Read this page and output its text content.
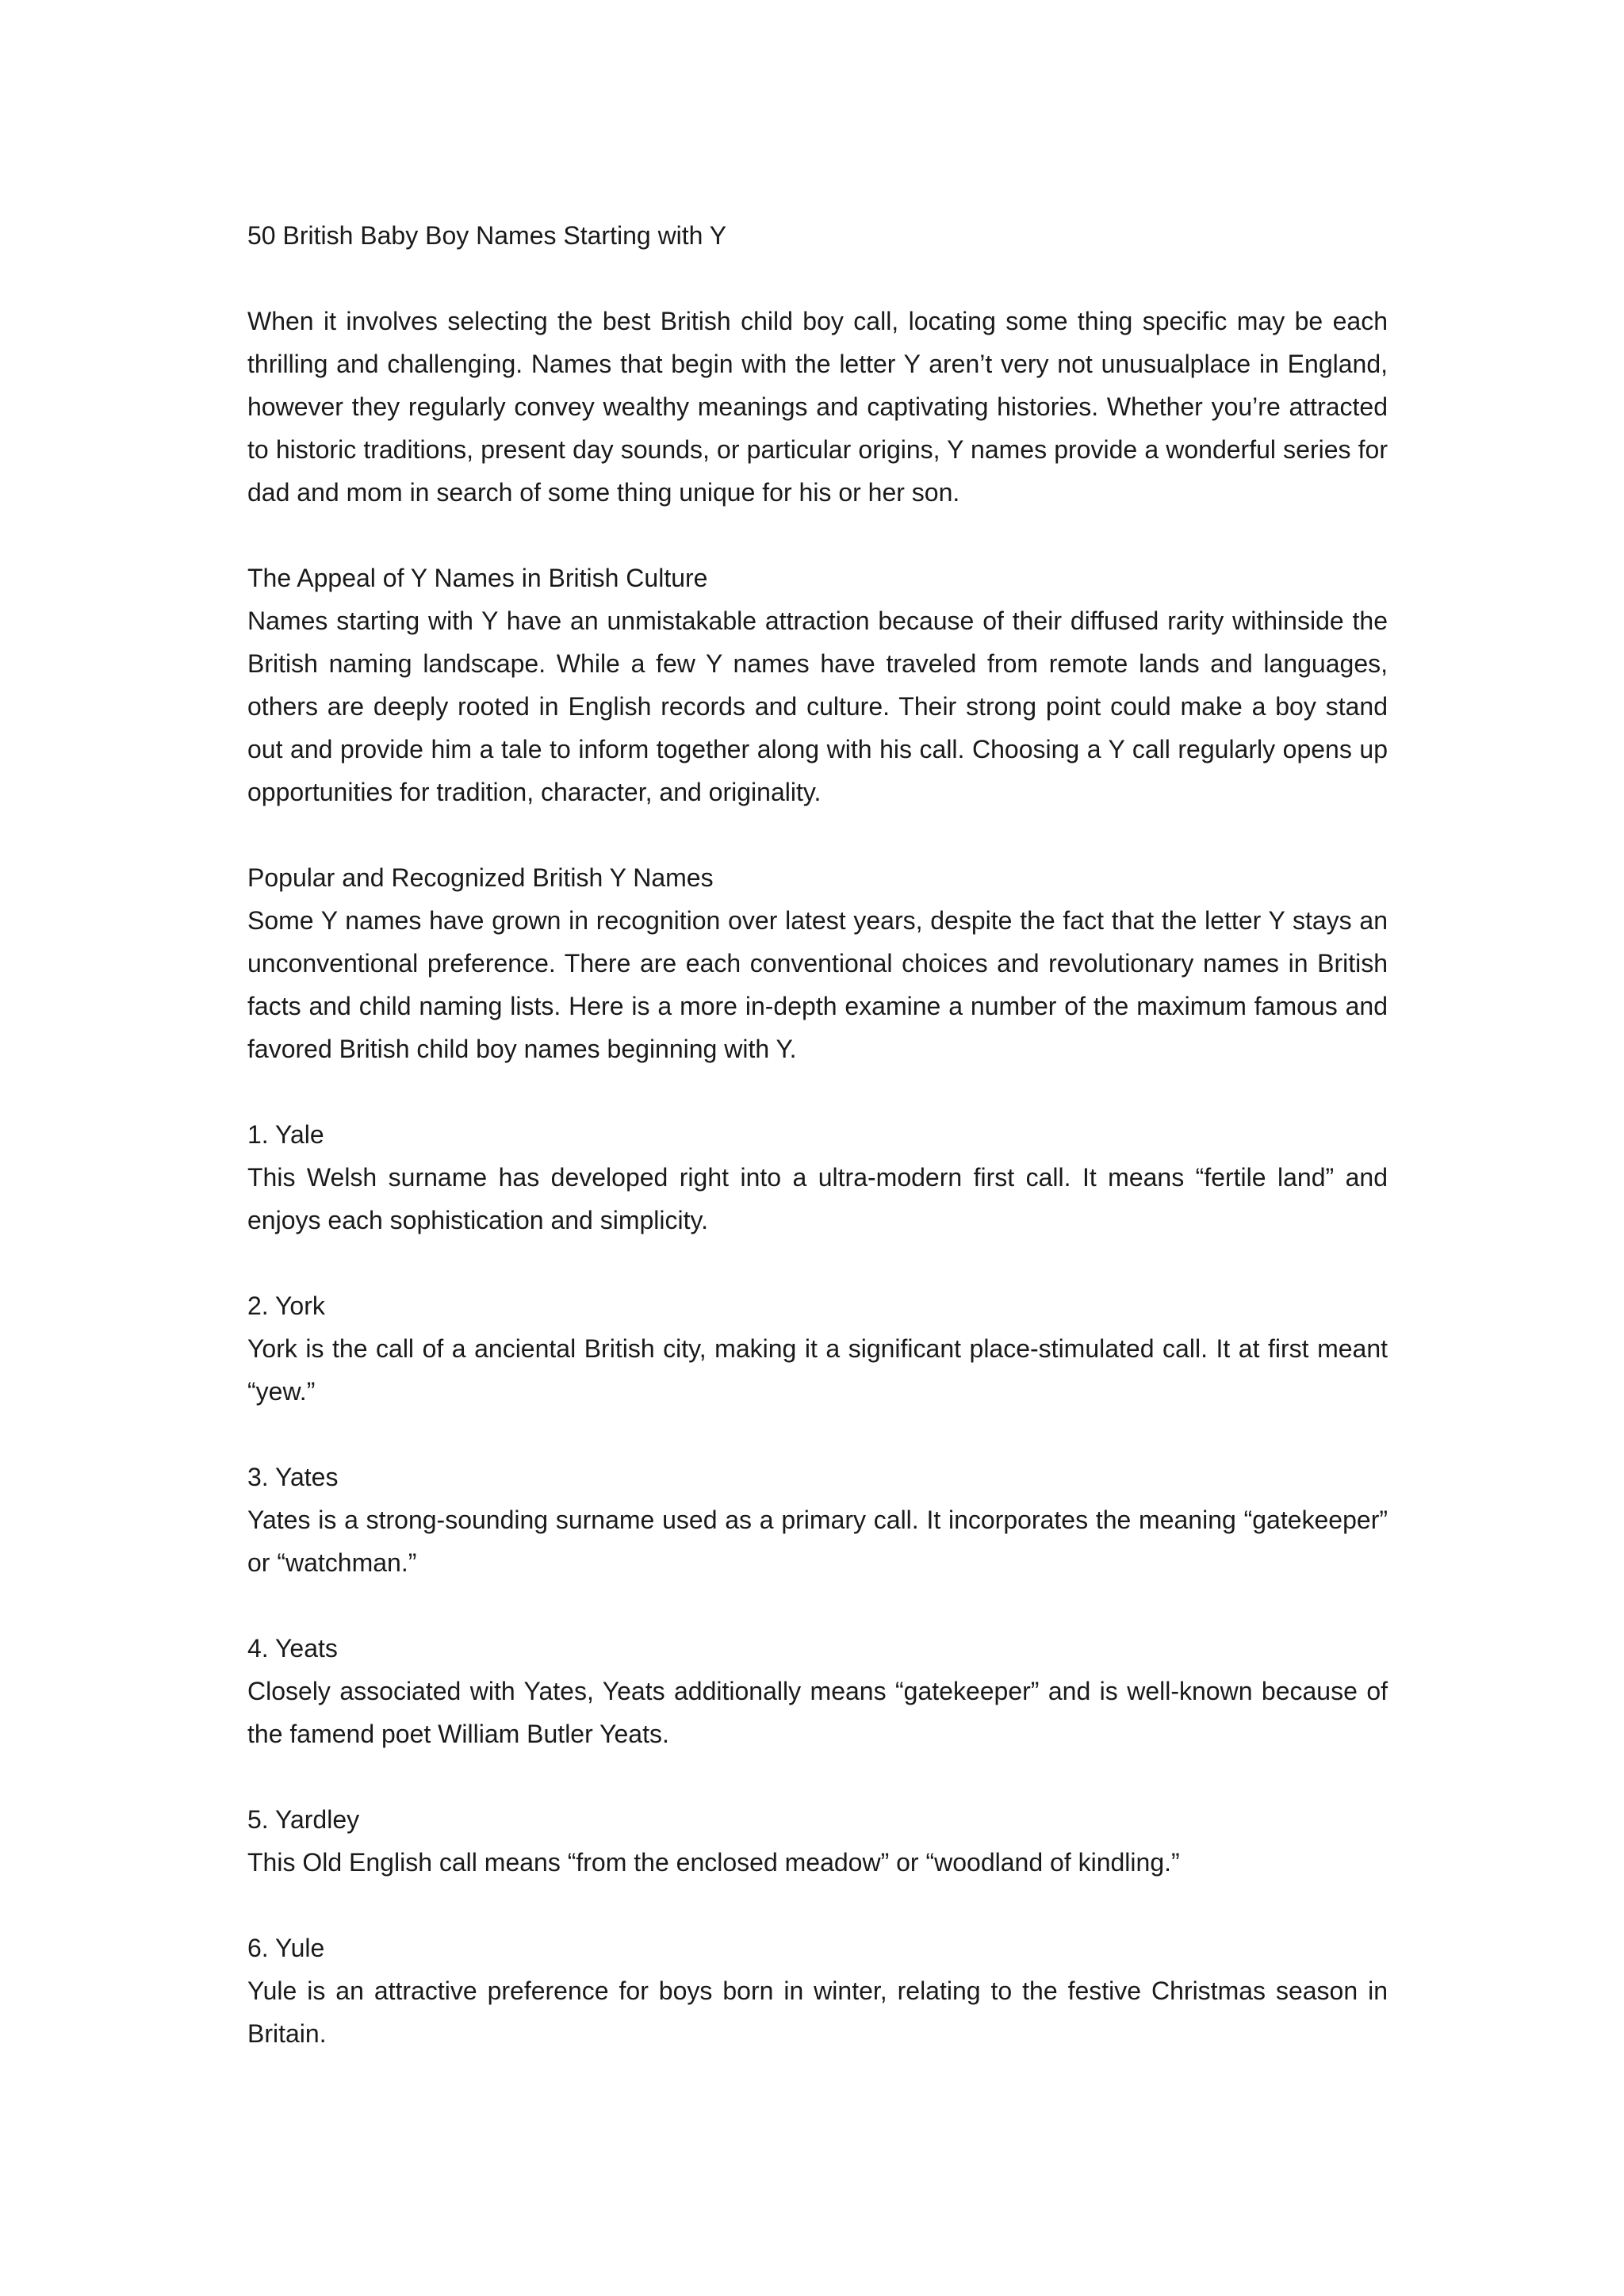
50 British Baby Boy Names Starting with Y

When it involves selecting the best British child boy call, locating some thing specific may be each thrilling and challenging. Names that begin with the letter Y aren’t very not unusualplace in England, however they regularly convey wealthy meanings and captivating histories. Whether you’re attracted to historic traditions, present day sounds, or particular origins, Y names provide a wonderful series for dad and mom in search of some thing unique for his or her son.

The Appeal of Y Names in British Culture

Names starting with Y have an unmistakable attraction because of their diffused rarity withinside the British naming landscape. While a few Y names have traveled from remote lands and languages, others are deeply rooted in English records and culture. Their strong point could make a boy stand out and provide him a tale to inform together along with his call. Choosing a Y call regularly opens up opportunities for tradition, character, and originality.

Popular and Recognized British Y Names

Some Y names have grown in recognition over latest years, despite the fact that the letter Y stays an unconventional preference. There are each conventional choices and revolutionary names in British facts and child naming lists. Here is a more in-depth examine a number of the maximum famous and favored British child boy names beginning with Y.

1. Yale

This Welsh surname has developed right into a ultra-modern first call. It means “fertile land” and enjoys each sophistication and simplicity.

2. York

York is the call of a anciental British city, making it a significant place-stimulated call. It at first meant “yew.”

3. Yates

Yates is a strong-sounding surname used as a primary call. It incorporates the meaning “gatekeeper” or “watchman.”

4. Yeats

Closely associated with Yates, Yeats additionally means “gatekeeper” and is well-known because of the famend poet William Butler Yeats.

5. Yardley

This Old English call means “from the enclosed meadow” or “woodland of kindling.”

6. Yule

Yule is an attractive preference for boys born in winter, relating to the festive Christmas season in Britain.
